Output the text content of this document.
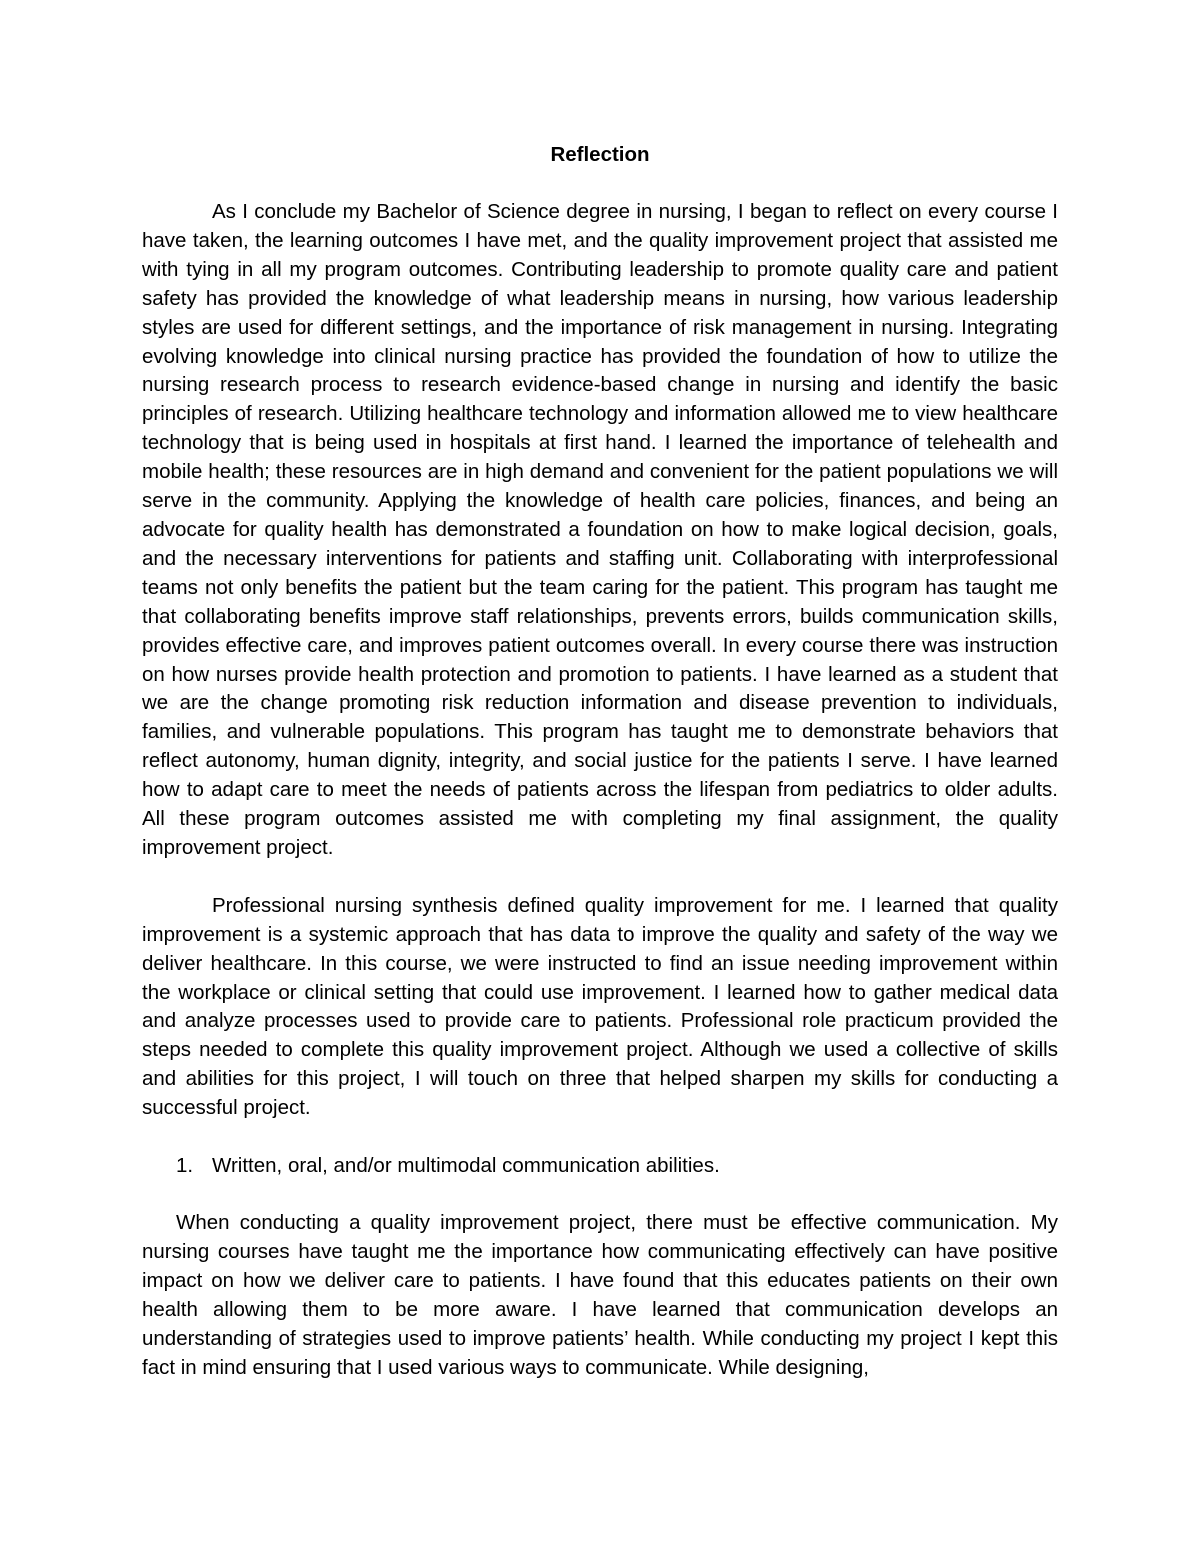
Reflection

As I conclude my Bachelor of Science degree in nursing, I began to reflect on every course I have taken, the learning outcomes I have met, and the quality improvement project that assisted me with tying in all my program outcomes. Contributing leadership to promote quality care and patient safety has provided the knowledge of what leadership means in nursing, how various leadership styles are used for different settings, and the importance of risk management in nursing. Integrating evolving knowledge into clinical nursing practice has provided the foundation of how to utilize the nursing research process to research evidence-based change in nursing and identify the basic principles of research. Utilizing healthcare technology and information allowed me to view healthcare technology that is being used in hospitals at first hand. I learned the importance of telehealth and mobile health; these resources are in high demand and convenient for the patient populations we will serve in the community. Applying the knowledge of health care policies, finances, and being an advocate for quality health has demonstrated a foundation on how to make logical decision, goals, and the necessary interventions for patients and staffing unit. Collaborating with interprofessional teams not only benefits the patient but the team caring for the patient. This program has taught me that collaborating benefits improve staff relationships, prevents errors, builds communication skills, provides effective care, and improves patient outcomes overall. In every course there was instruction on how nurses provide health protection and promotion to patients. I have learned as a student that we are the change promoting risk reduction information and disease prevention to individuals, families, and vulnerable populations. This program has taught me to demonstrate behaviors that reflect autonomy, human dignity, integrity, and social justice for the patients I serve. I have learned how to adapt care to meet the needs of patients across the lifespan from pediatrics to older adults. All these program outcomes assisted me with completing my final assignment, the quality improvement project.

Professional nursing synthesis defined quality improvement for me. I learned that quality improvement is a systemic approach that has data to improve the quality and safety of the way we deliver healthcare. In this course, we were instructed to find an issue needing improvement within the workplace or clinical setting that could use improvement. I learned how to gather medical data and analyze processes used to provide care to patients. Professional role practicum provided the steps needed to complete this quality improvement project. Although we used a collective of skills and abilities for this project, I will touch on three that helped sharpen my skills for conducting a successful project.

1. Written, oral, and/or multimodal communication abilities.

When conducting a quality improvement project, there must be effective communication. My nursing courses have taught me the importance how communicating effectively can have positive impact on how we deliver care to patients. I have found that this educates patients on their own health allowing them to be more aware. I have learned that communication develops an understanding of strategies used to improve patients’ health. While conducting my project I kept this fact in mind ensuring that I used various ways to communicate. While designing,
